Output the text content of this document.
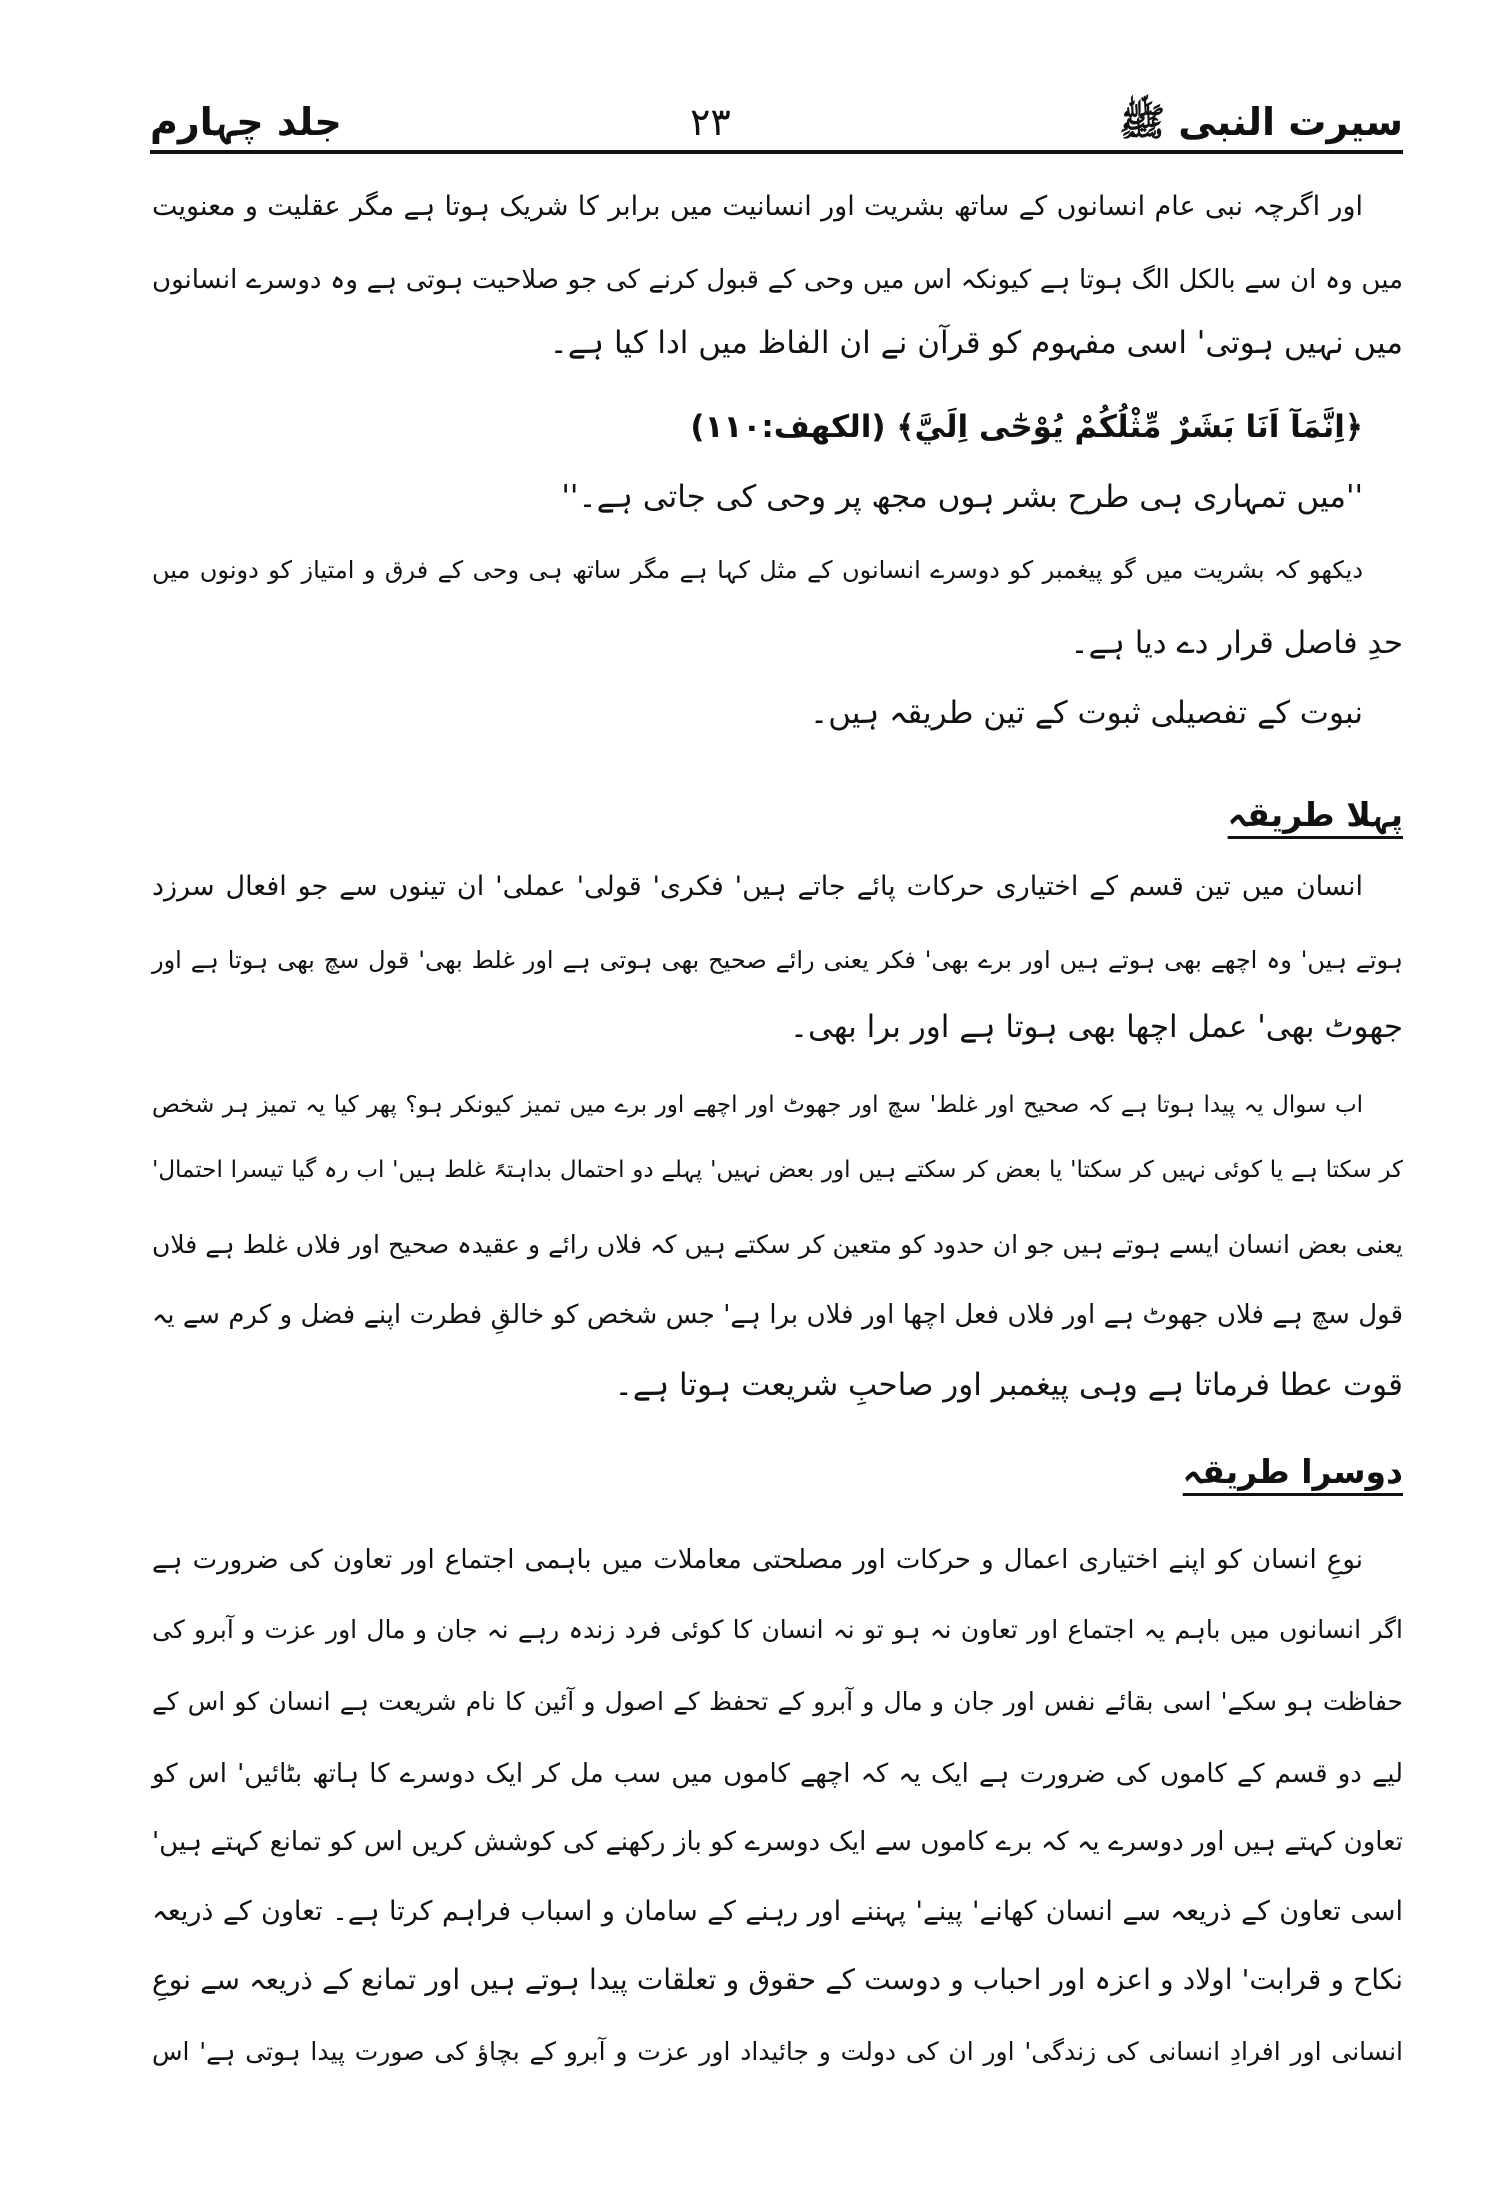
سیرت النبی ﷺ
۲۳
جلد چہارم
اور اگرچہ نبی عام انسانوں کے ساتھ بشریت اور انسانیت میں برابر کا شریک ہوتا ہے مگر عقلیت و معنویت
میں وہ ان سے بالکل الگ ہوتا ہے کیونکہ اس میں وحی کے قبول کرنے کی جو صلاحیت ہوتی ہے وہ دوسرے انسانوں
میں نہیں ہوتی' اسی مفہوم کو قرآن نے ان الفاظ میں ادا کیا ہے۔
﴿اِنَّمَآ اَنَا بَشَرٌ مِّثْلُكُمْ يُوْحٰٓى اِلَيَّ﴾ (الكهف:۱۱۰)
''میں تمہاری ہی طرح بشر ہوں مجھ پر وحی کی جاتی ہے۔''
دیکھو کہ بشریت میں گو پیغمبر کو دوسرے انسانوں کے مثل کہا ہے مگر ساتھ ہی وحی کے فرق و امتیاز کو دونوں میں
حدِ فاصل قرار دے دیا ہے۔
نبوت کے تفصیلی ثبوت کے تین طریقہ ہیں۔
پہلا طریقہ
انسان میں تین قسم کے اختیاری حرکات پائے جاتے ہیں' فکری' قولی' عملی' ان تینوں سے جو افعال سرزد
ہوتے ہیں' وہ اچھے بھی ہوتے ہیں اور برے بھی' فکر یعنی رائے صحیح بھی ہوتی ہے اور غلط بھی' قول سچ بھی ہوتا ہے اور
جھوٹ بھی' عمل اچھا بھی ہوتا ہے اور برا بھی۔
اب سوال یہ پیدا ہوتا ہے کہ صحیح اور غلط' سچ اور جھوٹ اور اچھے اور برے میں تمیز کیونکر ہو؟ پھر کیا یہ تمیز ہر شخص
کر سکتا ہے یا کوئی نہیں کر سکتا' یا بعض کر سکتے ہیں اور بعض نہیں' پہلے دو احتمال بداہتہً غلط ہیں' اب رہ گیا تیسرا احتمال'
یعنی بعض انسان ایسے ہوتے ہیں جو ان حدود کو متعین کر سکتے ہیں کہ فلاں رائے و عقیدہ صحیح اور فلاں غلط ہے فلاں
قول سچ ہے فلاں جھوٹ ہے اور فلاں فعل اچھا اور فلاں برا ہے' جس شخص کو خالقِ فطرت اپنے فضل و کرم سے یہ
قوت عطا فرماتا ہے وہی پیغمبر اور صاحبِ شریعت ہوتا ہے۔
دوسرا طریقہ
نوعِ انسان کو اپنے اختیاری اعمال و حرکات اور مصلحتی معاملات میں باہمی اجتماع اور تعاون کی ضرورت ہے
اگر انسانوں میں باہم یہ اجتماع اور تعاون نہ ہو تو نہ انسان کا کوئی فرد زندہ رہے نہ جان و مال اور عزت و آبرو کی
حفاظت ہو سکے' اسی بقائے نفس اور جان و مال و آبرو کے تحفظ کے اصول و آئین کا نام شریعت ہے انسان کو اس کے
لیے دو قسم کے کاموں کی ضرورت ہے ایک یہ کہ اچھے کاموں میں سب مل کر ایک دوسرے کا ہاتھ بٹائیں' اس کو
تعاون کہتے ہیں اور دوسرے یہ کہ برے کاموں سے ایک دوسرے کو باز رکھنے کی کوشش کریں اس کو تمانع کہتے ہیں'
اسی تعاون کے ذریعہ سے انسان کھانے' پینے' پہننے اور رہنے کے سامان و اسباب فراہم کرتا ہے۔ تعاون کے ذریعہ
نکاح و قرابت' اولاد و اعزہ اور احباب و دوست کے حقوق و تعلقات پیدا ہوتے ہیں اور تمانع کے ذریعہ سے نوعِ
انسانی اور افرادِ انسانی کی زندگی' اور ان کی دولت و جائیداد اور عزت و آبرو کے بچاؤ کی صورت پیدا ہوتی ہے' اس
